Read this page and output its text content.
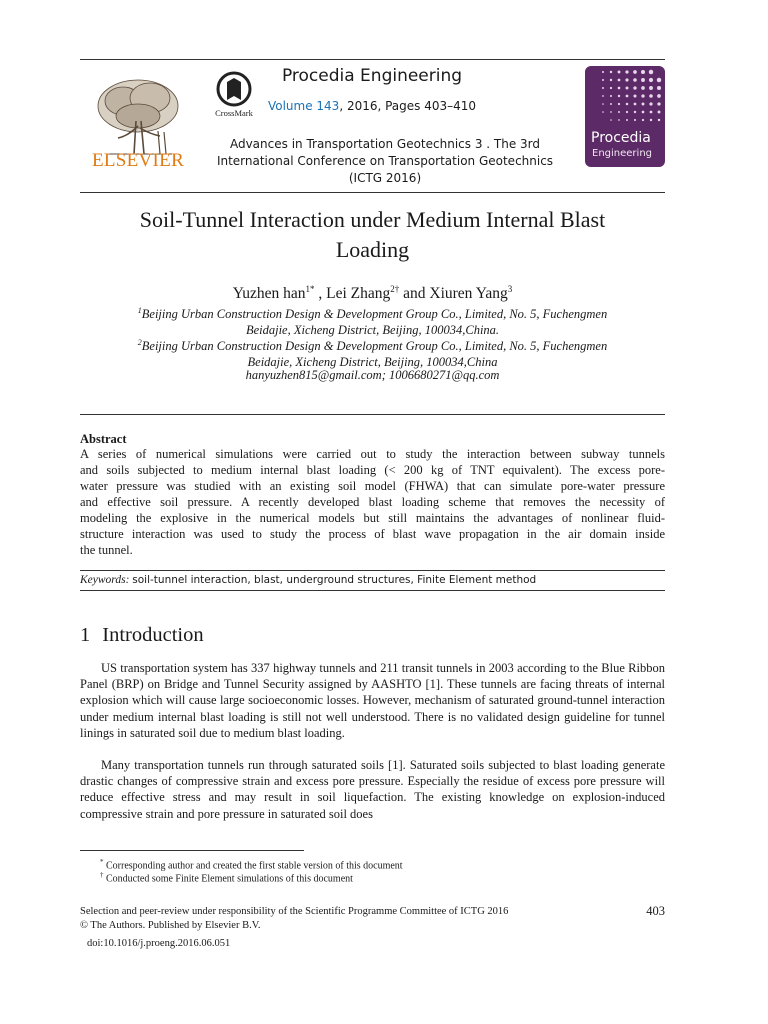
ELSEVIER
CrossMark
Procedia Engineering
Volume 143, 2016, Pages 403–410
Advances in Transportation Geotechnics 3 . The 3rd
International Conference on Transportation Geotechnics
(ICTG 2016)
Procedia
Engineering
Soil-Tunnel Interaction under Medium Internal Blast
Loading
Yuzhen han$^{1*}$ , Lei Zhang$^{2\dagger}$ and Xiuren Yang$^3$
$^1$Beijing Urban Construction Design & Development Group Co., Limited, No. 5, Fuchengmen
Beidajie, Xicheng District, Beijing, 100034,China.
$^2$Beijing Urban Construction Design & Development Group Co., Limited, No. 5, Fuchengmen
Beidajie, Xicheng District, Beijing, 100034,China
hanyuzhen815@gmail.com; 1006680271@qq.com
Abstract
A series of numerical simulations were carried out to study the interaction between subway tunnels
and soils subjected to medium internal blast loading (< 200 kg of TNT equivalent). The excess pore-
water pressure was studied with an existing soil model (FHWA) that can simulate pore-water pressure
and effective soil pressure. A recently developed blast loading scheme that removes the necessity of
modeling the explosive in the numerical models but still maintains the advantages of nonlinear fluid-
structure interaction was used to study the process of blast wave propagation in the air domain inside
the tunnel.
Keywords: soil-tunnel interaction, blast, underground structures, Finite Element method
1 Introduction

US transportation system has 337 highway tunnels and 211 transit tunnels in 2003 according to the Blue Ribbon Panel (BRP) on Bridge and Tunnel Security assigned by AASHTO [1]. These tunnels are facing threats of internal explosion which will cause large socioeconomic losses. However, mechanism of saturated ground-tunnel interaction under medium internal blast loading is still not well understood. There is no validated design guideline for tunnel linings in saturated soil due to medium blast loading.

Many transportation tunnels run through saturated soils [1]. Saturated soils subjected to blast loading generate drastic changes of compressive strain and excess pore pressure. Especially the residue of excess pore pressure will reduce effective stress and may result in soil liquefaction. The existing knowledge on explosion-induced compressive strain and pore pressure in saturated soil does

* Corresponding author and created the first stable version of this document
† Conducted some Finite Element simulations of this document
Selection and peer-review under responsibility of the Scientific Programme Committee of ICTG 2016
© The Authors. Published by Elsevier B.V.
doi:10.1016/j.proeng.2016.06.051
403
